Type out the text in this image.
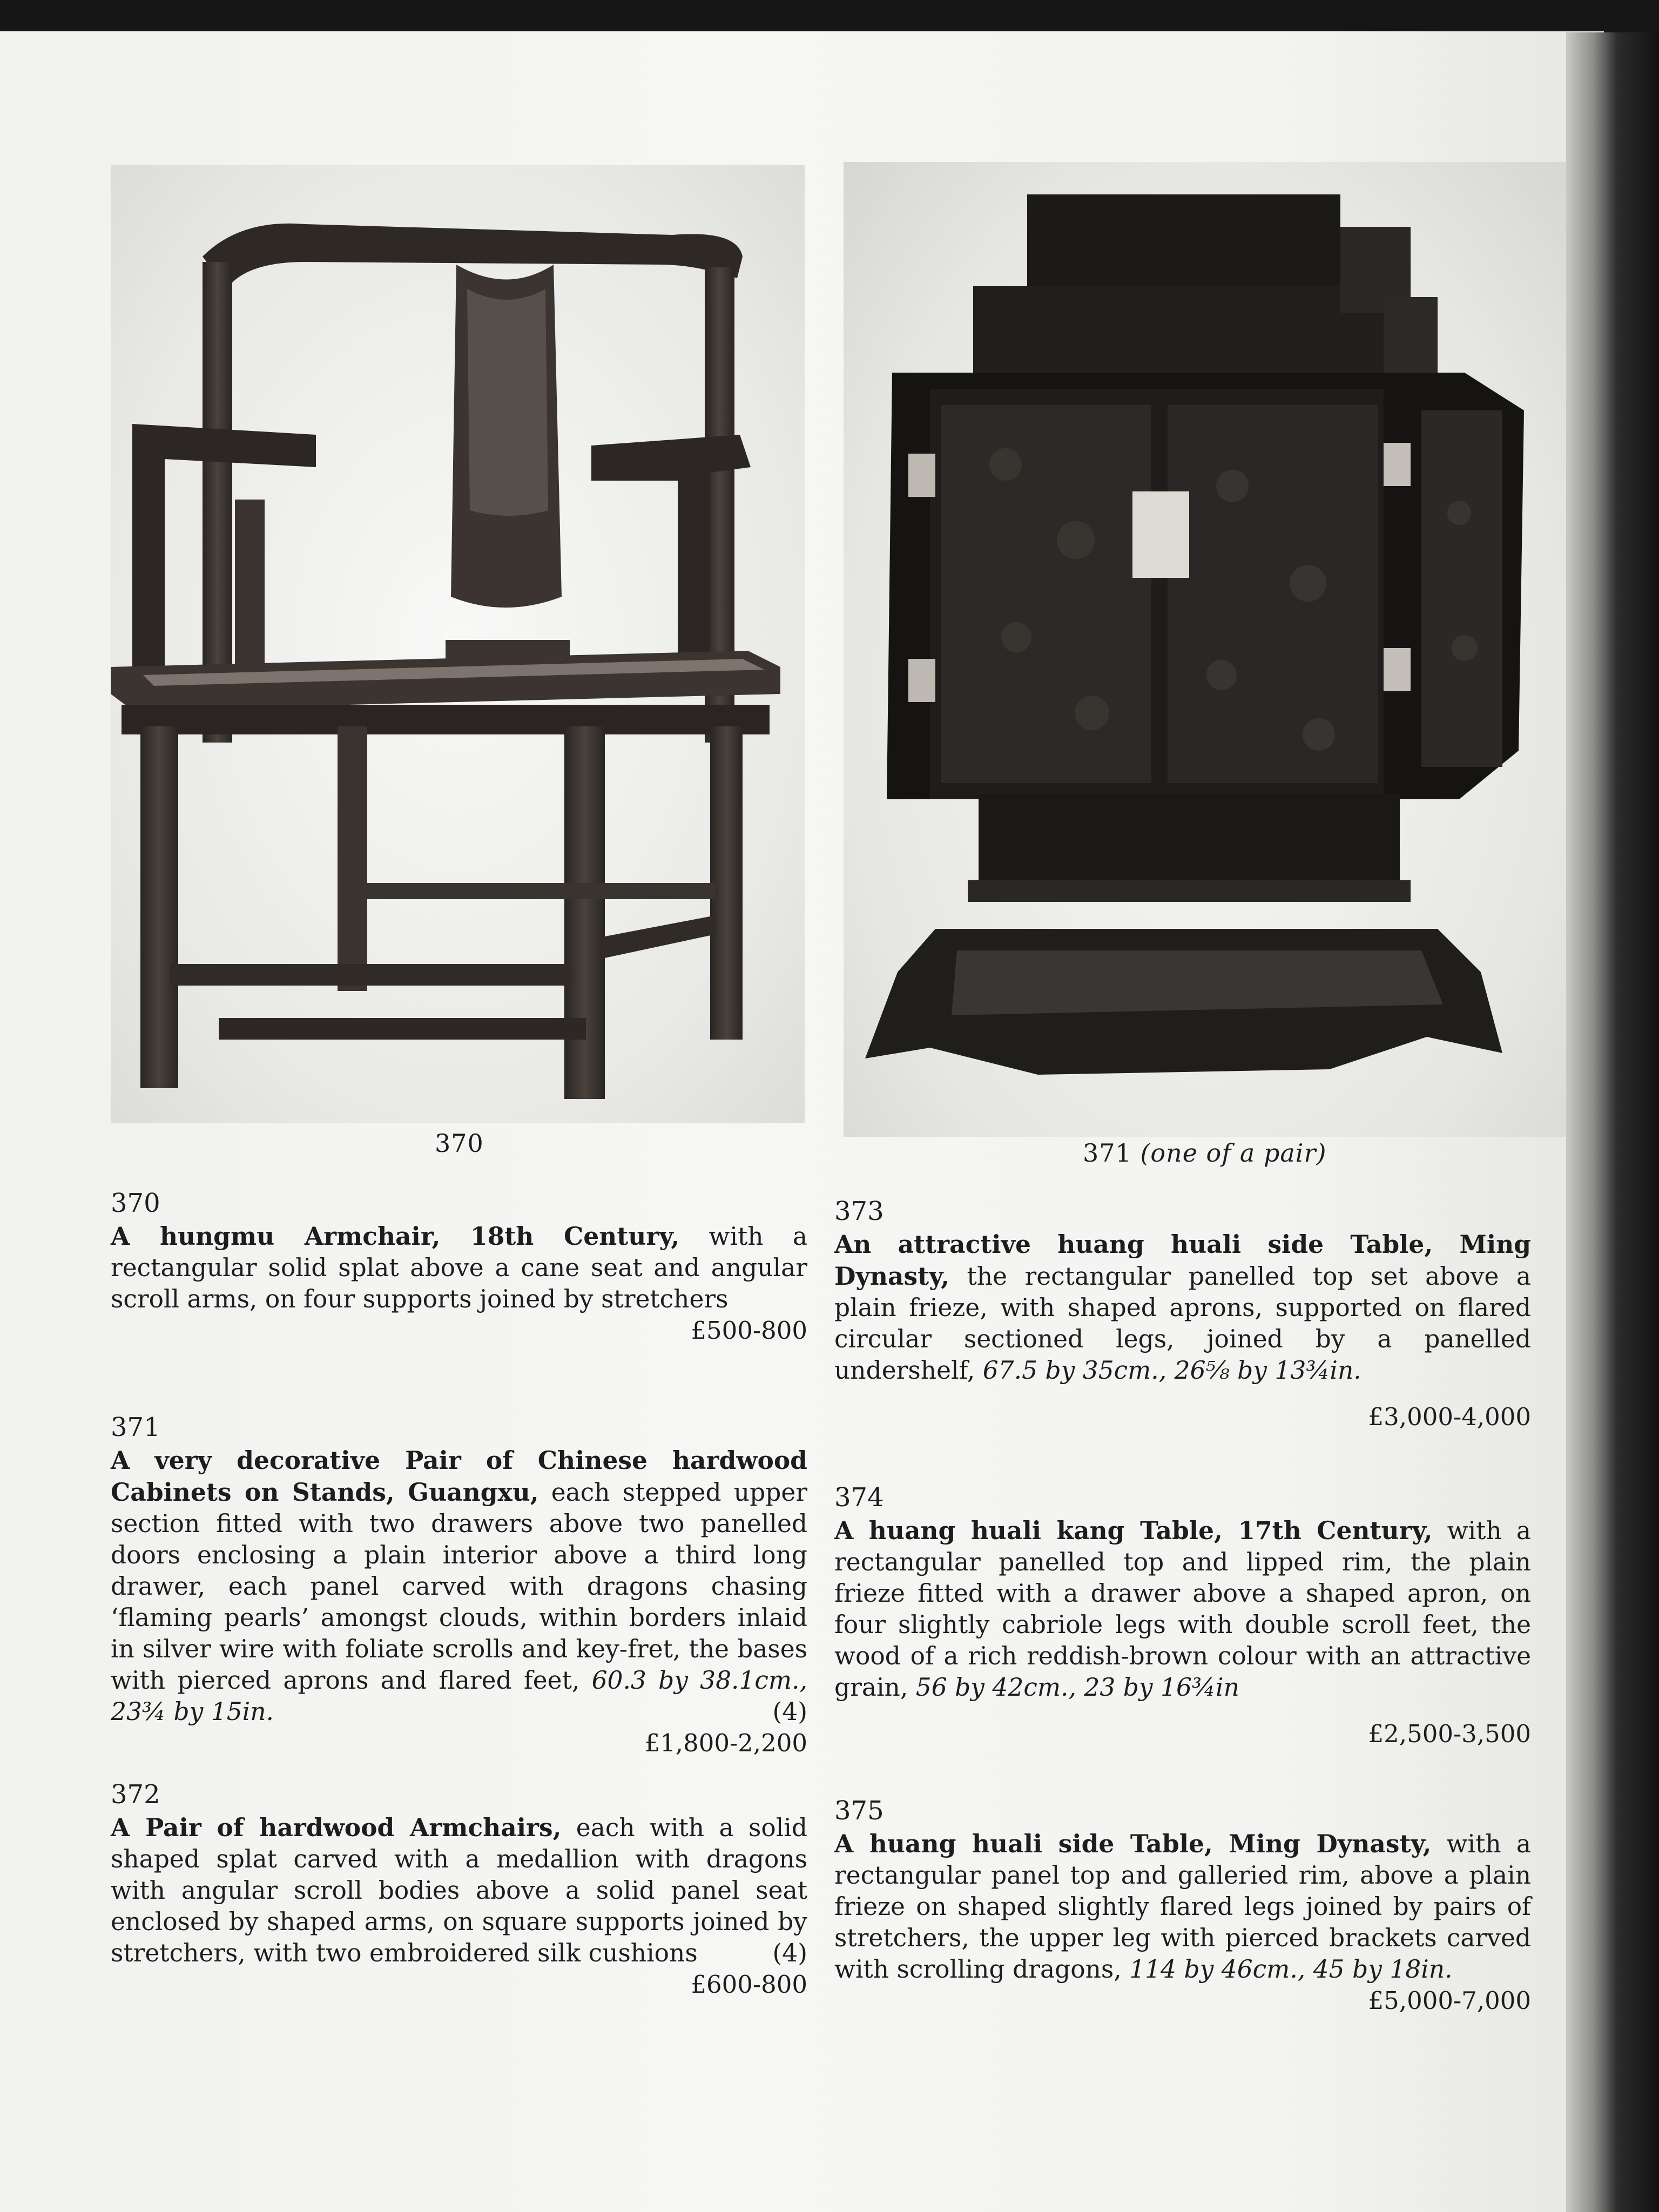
370	371 (one of a pair)
370
A hungmu Armchair, 18th Century, with a rectangular solid splat above a cane seat and angular scroll arms, on four supports joined by stretchers
£500-800
371
A very decorative Pair of Chinese hardwood Cabinets on Stands, Guangxu, each stepped upper section fitted with two drawers above two panelled doors enclosing a plain interior above a third long drawer, each panel carved with dragons chasing ‘flaming pearls’ amongst clouds, within borders inlaid in silver wire with foliate scrolls and key-fret, the bases with pierced aprons and flared feet, 60.3 by 38.1cm., 23¾ by 15in.	(4)
£1,800-2,200
372
A Pair of hardwood Armchairs, each with a solid shaped splat carved with a medallion with dragons with angular scroll bodies above a solid panel seat enclosed by shaped arms, on square supports joined by stretchers, with two embroidered silk cushions	(4)
£600-800
373
An attractive huang huali side Table, Ming Dynasty, the rectangular panelled top set above a plain frieze, with shaped aprons, supported on flared circular sectioned legs, joined by a panelled undershelf, 67.5 by 35cm., 26⅝ by 13¾in.
£3,000-4,000
374
A huang huali kang Table, 17th Century, with a rectangular panelled top and lipped rim, the plain frieze fitted with a drawer above a shaped apron, on four slightly cabriole legs with double scroll feet, the wood of a rich reddish-brown colour with an attractive grain, 56 by 42cm., 23 by 16¾in
£2,500-3,500
375
A huang huali side Table, Ming Dynasty, with a rectangular panel top and galleried rim, above a plain frieze on shaped slightly flared legs joined by pairs of stretchers, the upper leg with pierced brackets carved with scrolling dragons, 114 by 46cm., 45 by 18in.
£5,000-7,000
